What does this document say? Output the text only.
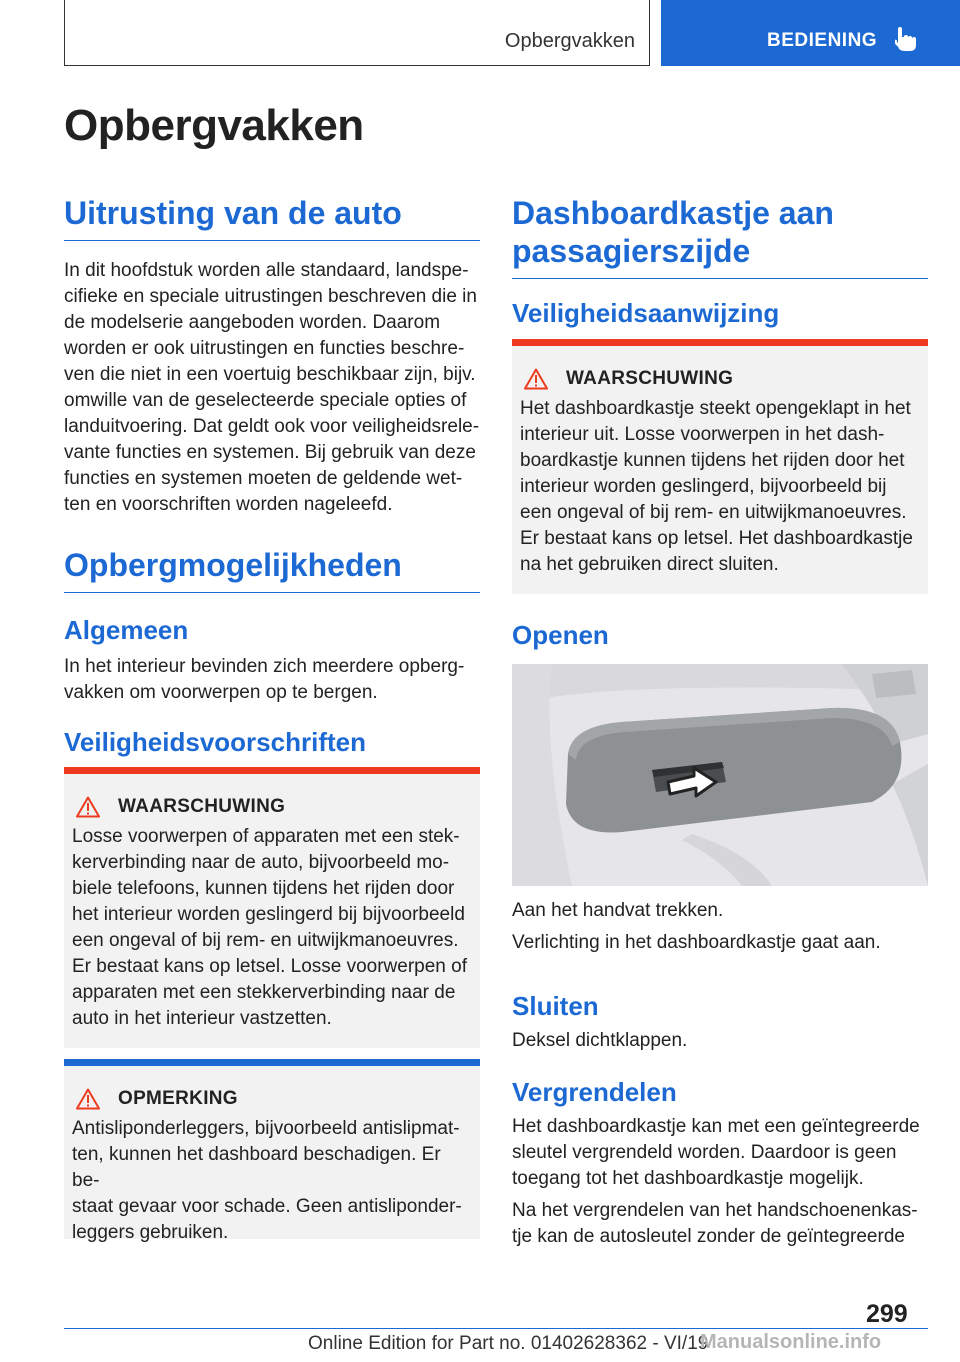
Opbergvakken	BEDIENING
Opbergvakken
Uitrusting van de auto
In dit hoofdstuk worden alle standaard, landspe-
cifieke en speciale uitrustingen beschreven die in
de modelserie aangeboden worden. Daarom
worden er ook uitrustingen en functies beschre-
ven die niet in een voertuig beschikbaar zijn, bijv.
omwille van de geselecteerde speciale opties of
landuitvoering. Dat geldt ook voor veiligheidsrele-
vante functies en systemen. Bij gebruik van deze
functies en systemen moeten de geldende wet-
ten en voorschriften worden nageleefd.
Opbergmogelijkheden
Algemeen
In het interieur bevinden zich meerdere opberg-
vakken om voorwerpen op te bergen.
Veiligheidsvoorschriften
WAARSCHUWING
Losse voorwerpen of apparaten met een stek-
kerverbinding naar de auto, bijvoorbeeld mo-
biele telefoons, kunnen tijdens het rijden door
het interieur worden geslingerd bij bijvoorbeeld
een ongeval of bij rem- en uitwijkmanoeuvres.
Er bestaat kans op letsel. Losse voorwerpen of
apparaten met een stekkerverbinding naar de
auto in het interieur vastzetten.
OPMERKING
Antisliponderleggers, bijvoorbeeld antislipmat-
ten, kunnen het dashboard beschadigen. Er be-
staat gevaar voor schade. Geen antisliponder-
leggers gebruiken.
Dashboardkastje aan
passagierszijde
Veiligheidsaanwijzing
WAARSCHUWING
Het dashboardkastje steekt opengeklapt in het
interieur uit. Losse voorwerpen in het dash-
boardkastje kunnen tijdens het rijden door het
interieur worden geslingerd, bijvoorbeeld bij
een ongeval of bij rem- en uitwijkmanoeuvres.
Er bestaat kans op letsel. Het dashboardkastje
na het gebruiken direct sluiten.
Openen
Aan het handvat trekken.
Verlichting in het dashboardkastje gaat aan.
Sluiten
Deksel dichtklappen.
Vergrendelen
Het dashboardkastje kan met een geïntegreerde
sleutel vergrendeld worden. Daardoor is geen
toegang tot het dashboardkastje mogelijk.
Na het vergrendelen van het handschoenenkas-
tje kan de autosleutel zonder de geïntegreerde
299
Online Edition for Part no. 01402628362 - VI/19
Manualsonline.info
